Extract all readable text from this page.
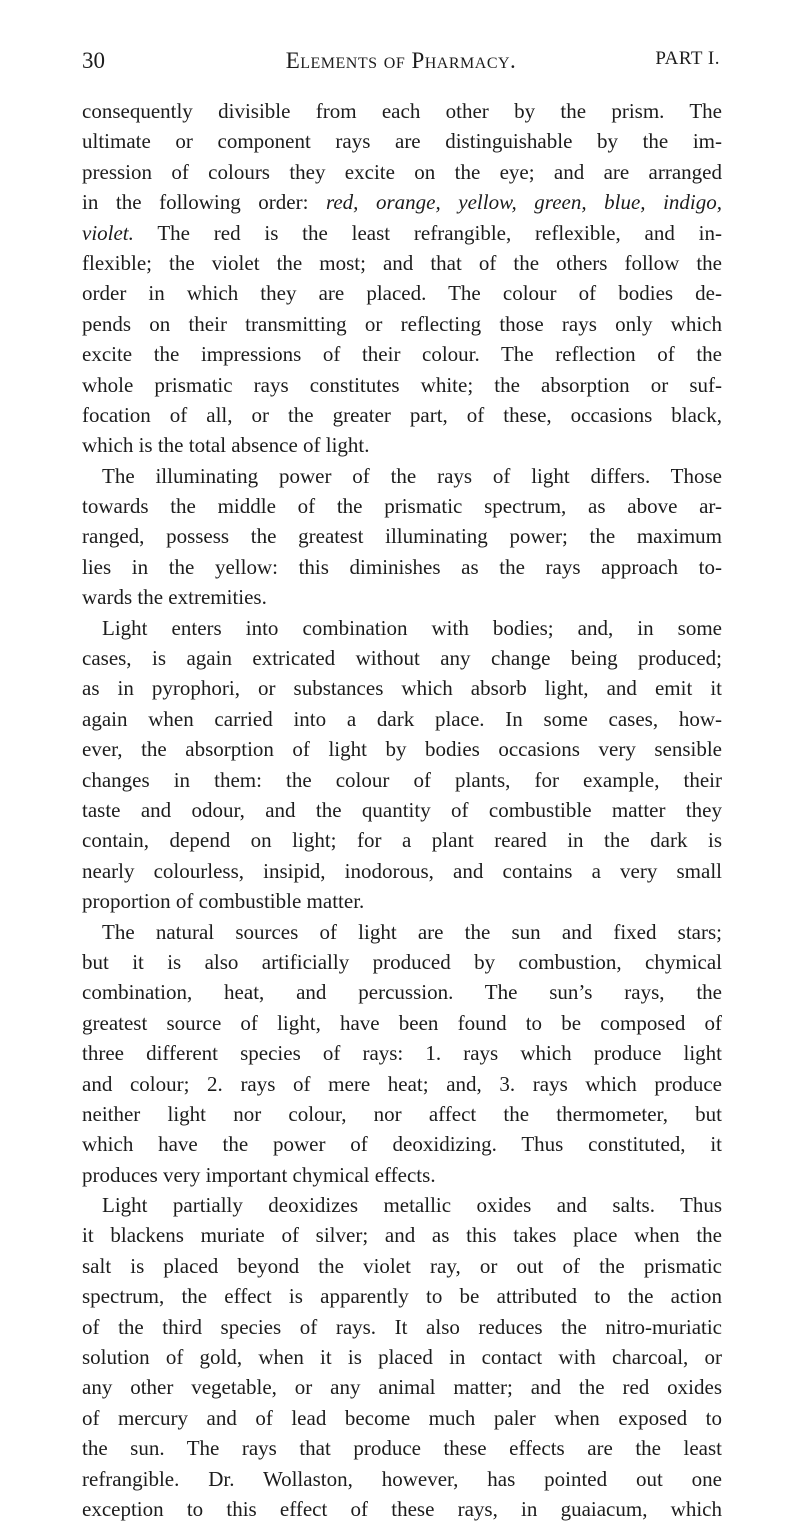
30	Elements of Pharmacy.	PART I.
consequently divisible from each other by the prism. The
ultimate or component rays are distinguishable by the im-
pression of colours they excite on the eye; and are arranged
in the following order: red, orange, yellow, green, blue, indigo,
violet. The red is the least refrangible, reflexible, and in-
flexible; the violet the most; and that of the others follow the
order in which they are placed. The colour of bodies de-
pends on their transmitting or reflecting those rays only which
excite the impressions of their colour. The reflection of the
whole prismatic rays constitutes white; the absorption or suf-
focation of all, or the greater part, of these, occasions black,
which is the total absence of light.
The illuminating power of the rays of light differs. Those
towards the middle of the prismatic spectrum, as above ar-
ranged, possess the greatest illuminating power; the maximum
lies in the yellow: this diminishes as the rays approach to-
wards the extremities.
Light enters into combination with bodies; and, in some
cases, is again extricated without any change being produced;
as in pyrophori, or substances which absorb light, and emit it
again when carried into a dark place. In some cases, how-
ever, the absorption of light by bodies occasions very sensible
changes in them: the colour of plants, for example, their
taste and odour, and the quantity of combustible matter they
contain, depend on light; for a plant reared in the dark is
nearly colourless, insipid, inodorous, and contains a very small
proportion of combustible matter.
The natural sources of light are the sun and fixed stars;
but it is also artificially produced by combustion, chymical
combination, heat, and percussion. The sun’s rays, the
greatest source of light, have been found to be composed of
three different species of rays: 1. rays which produce light
and colour; 2. rays of mere heat; and, 3. rays which produce
neither light nor colour, nor affect the thermometer, but
which have the power of deoxidizing. Thus constituted, it
produces very important chymical effects.
Light partially deoxidizes metallic oxides and salts. Thus
it blackens muriate of silver; and as this takes place when the
salt is placed beyond the violet ray, or out of the prismatic
spectrum, the effect is apparently to be attributed to the action
of the third species of rays. It also reduces the nitro-muriatic
solution of gold, when it is placed in contact with charcoal, or
any other vegetable, or any animal matter; and the red oxides
of mercury and of lead become much paler when exposed to
the sun. The rays that produce these effects are the least
refrangible. Dr. Wollaston, however, has pointed out one
exception to this effect of these rays, in guaiacum, which
